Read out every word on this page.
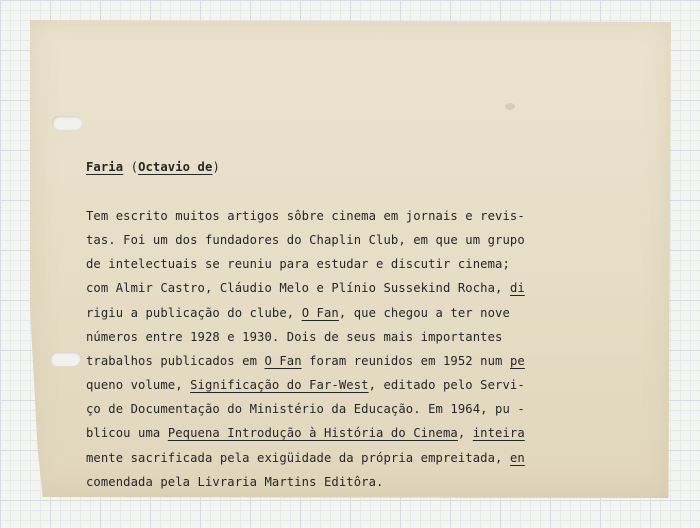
Faria (Octavio de)

Tem escrito muitos artigos sôbre cinema em jornais e revis-
tas. Foi um dos fundadores do Chaplin Club, em que um grupo
de intelectuais se reuniu para estudar e discutir cinema;
com Almir Castro, Cláudio Melo e Plínio Sussekind Rocha, di
rigiu a publicação do clube, O Fan, que chegou a ter nove
números entre 1928 e 1930. Dois de seus mais importantes
trabalhos publicados em O Fan foram reunidos em 1952 num pe
queno volume, Significação do Far-West, editado pelo Servi-
ço de Documentação do Ministério da Educação. Em 1964, pu -
blicou uma Pequena Introdução à História do Cinema, inteira
mente sacrificada pela exigüidade da própria empreitada, en
comendada pela Livraria Martins Editôra.
